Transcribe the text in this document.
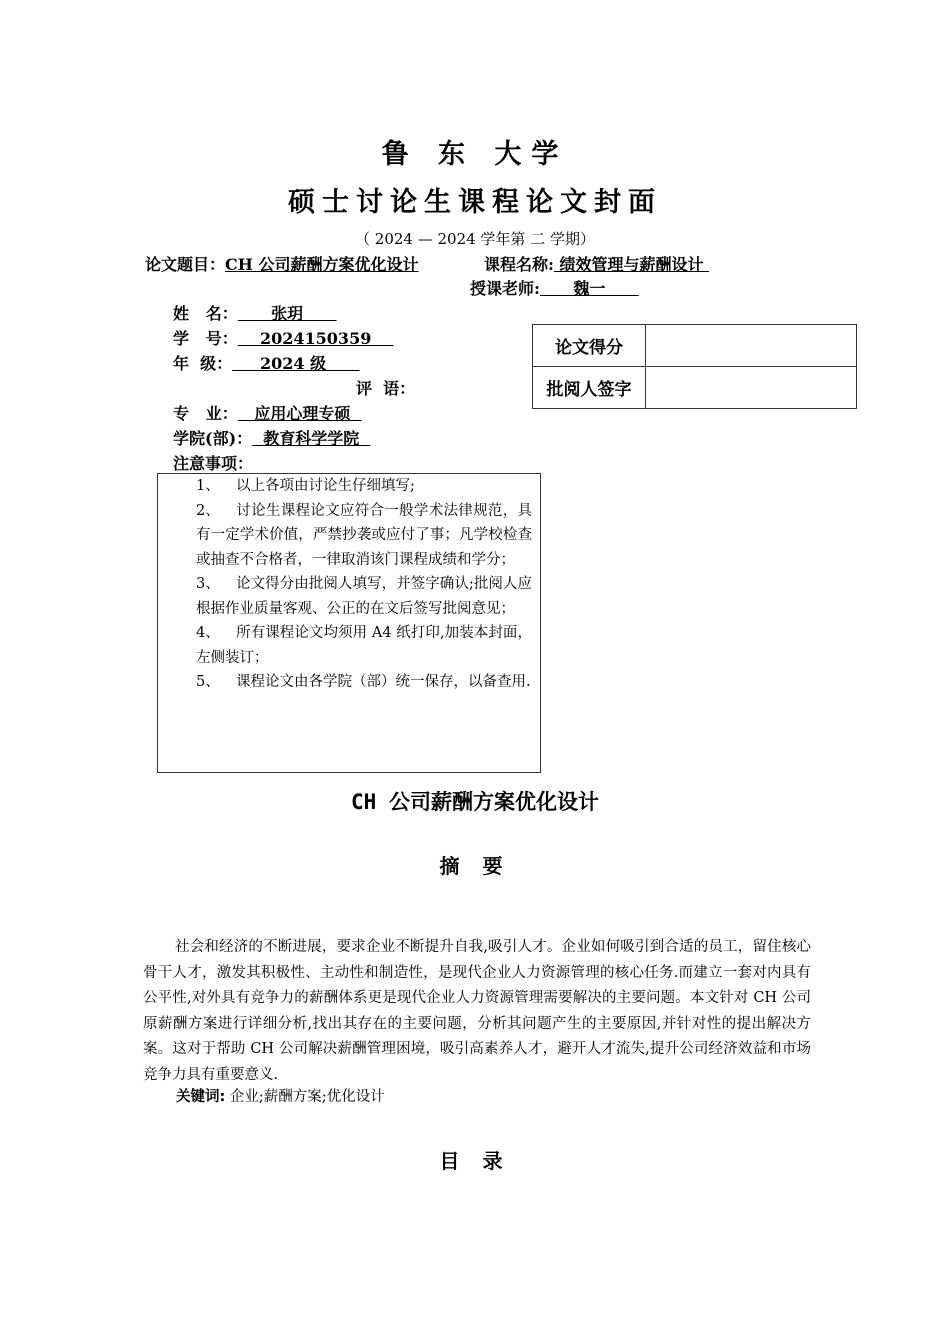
鲁 东 大学
硕士讨论生课程论文封面
（ 2024 — 2024 学年第 二 学期）
论文题目：CH 公司薪酬方案优化设计	课程名称: 绩效管理与薪酬设计
授课老师:      魏一
姓   名：      张玥
学   号：    2024150359
年  级：     2024 级
评  语：
专   业：   应用心理专硕
学院(部)：  教育科学学院
注意事项：
论文得分	
批阅人签字	
1、 以上各项由讨论生仔细填写;
2、 讨论生课程论文应符合一般学术法律规范，具有一定学术价值，严禁抄袭或应付了事；凡学校检查或抽查不合格者，一律取消该门课程成绩和学分；
3、 论文得分由批阅人填写，并签字确认;批阅人应根据作业质量客观、公正的在文后签写批阅意见；
4、 所有课程论文均须用 A4 纸打印,加装本封面，左侧装订；
5、 课程论文由各学院（部）统一保存，以备查用.
CH 公司薪酬方案优化设计
摘 要
社会和经济的不断进展，要求企业不断提升自我,吸引人才。企业如何吸引到合适的员工，留住核心骨干人才，激发其积极性、主动性和制造性，是现代企业人力资源管理的核心任务.而建立一套对内具有公平性,对外具有竞争力的薪酬体系更是现代企业人力资源管理需要解决的主要问题。本文针对 CH 公司原薪酬方案进行详细分析,找出其存在的主要问题，分析其问题产生的主要原因,并针对性的提出解决方案。这对于帮助 CH 公司解决薪酬管理困境，吸引高素养人才，避开人才流失,提升公司经济效益和市场竞争力具有重要意义.
关键词: 企业;薪酬方案;优化设计
目 录
